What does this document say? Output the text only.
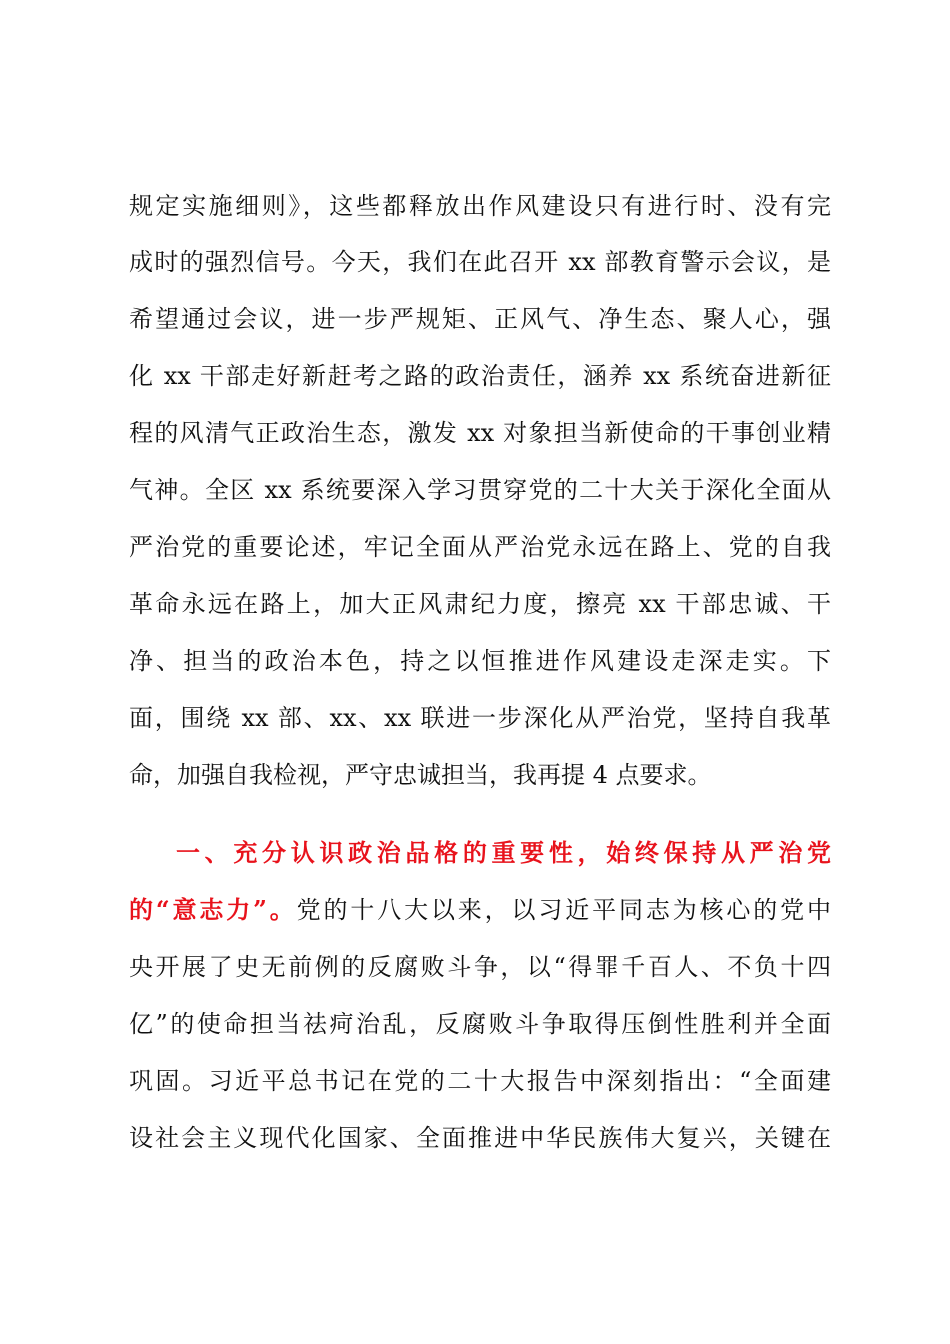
规定实施细则》，这些都释放出作风建设只有进行时、没有完
成时的强烈信号。今天，我们在此召开 xx 部教育警示会议，是
希望通过会议，进一步严规矩、正风气、净生态、聚人心，强
化 xx 干部走好新赶考之路的政治责任，涵养 xx 系统奋进新征
程的风清气正政治生态，激发 xx 对象担当新使命的干事创业精
气神。全区 xx 系统要深入学习贯穿党的二十大关于深化全面从
严治党的重要论述，牢记全面从严治党永远在路上、党的自我
革命永远在路上，加大正风肃纪力度，擦亮 xx 干部忠诚、干
净、担当的政治本色，持之以恒推进作风建设走深走实。下
面，围绕 xx 部、xx、xx 联进一步深化从严治党，坚持自我革
命，加强自我检视，严守忠诚担当，我再提 4 点要求。
一、充分认识政治品格的重要性，始终保持从严治党
的“意志力”。党的十八大以来，以习近平同志为核心的党中
央开展了史无前例的反腐败斗争，以“得罪千百人、不负十四
亿”的使命担当祛疴治乱，反腐败斗争取得压倒性胜利并全面
巩固。习近平总书记在党的二十大报告中深刻指出：“全面建
设社会主义现代化国家、全面推进中华民族伟大复兴，关键在
